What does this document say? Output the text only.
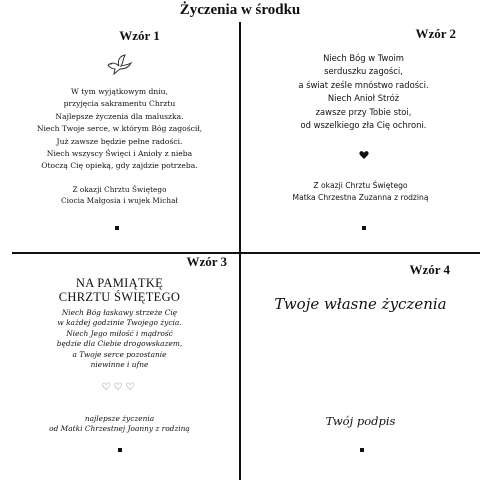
Życzenia w środku
Wzór 1
W tym wyjątkowym dniu,
przyjęcia sakramentu Chrztu
Najlepsze życzenia dla maluszka.
Niech Twoje serce, w którym Bóg zagościł,
Już zawsze będzie pełne radości.
Niech wszyscy Święci i Anioły z nieba
Otoczą Cię opieką, gdy zajdzie potrzeba.
Z okazji Chrztu Świętego
Ciocia Małgosia i wujek Michał
Wzór 2
Niech Bóg w Twoim
serduszku zagości,
a świat ześle mnóstwo radości.
Niech Anioł Stróż
zawsze przy Tobie stoi,
od wszelkiego zła Cię ochroni.
Z okazji Chrztu Świętego
Matka Chrzestna Zuzanna z rodziną
Wzór 3
NA PAMIĄTKĘ
CHRZTU ŚWIĘTEGO
Niech Bóg łaskawy strzeże Cię
w każdej godzinie Twojego życia.
Niech Jego miłość i mądrość
będzie dla Ciebie drogowskazem,
a Twoje serce pozostanie
niewinne i ufne
♡♡♡
najlepsze życzenia
od Matki Chrzestnej Joanny z rodziną
Wzór 4
Twoje własne życzenia
Twój podpis
